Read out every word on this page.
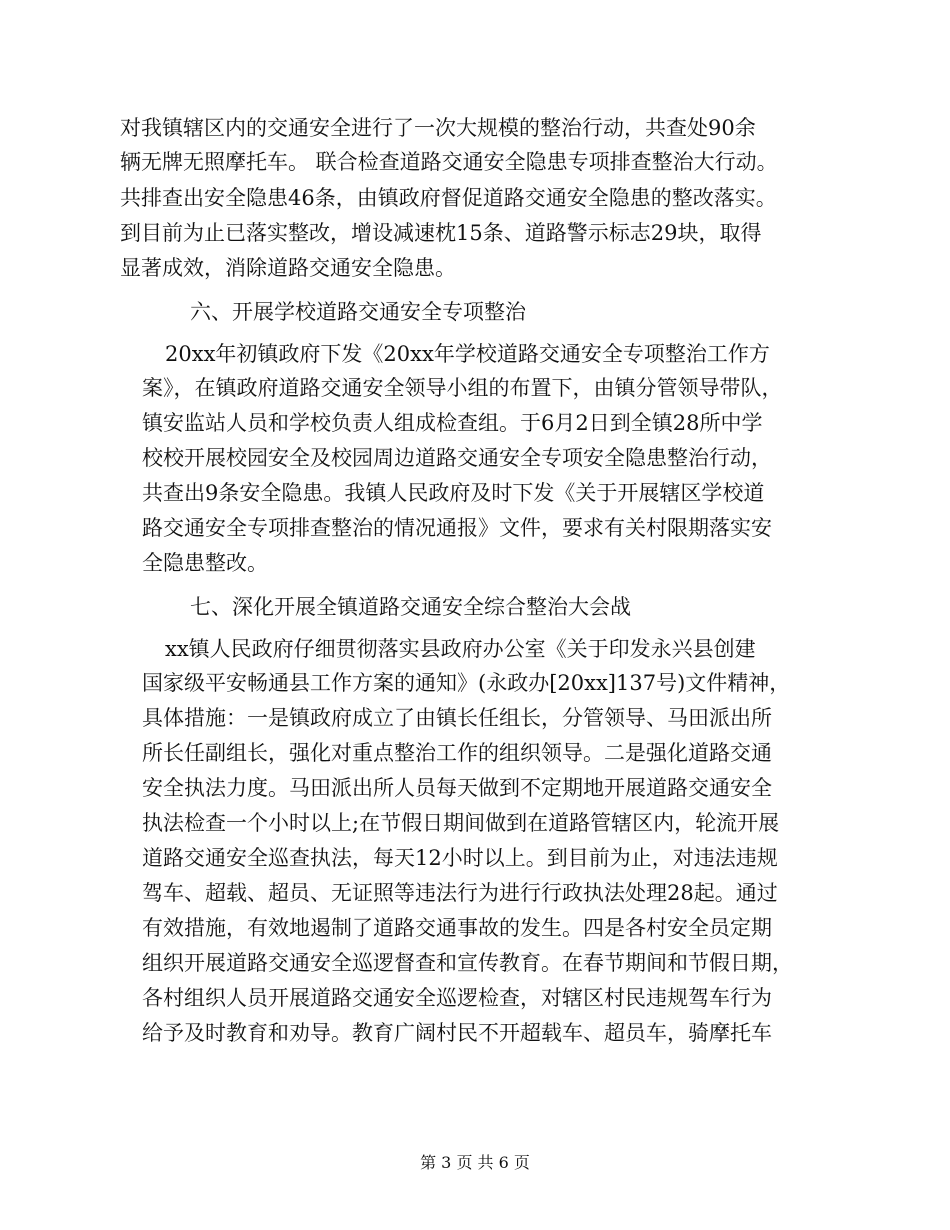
对我镇辖区内的交通安全进行了一次大规模的整治行动，共查处90余
辆无牌无照摩托车。 联合检查道路交通安全隐患专项排查整治大行动。
共排查出安全隐患46条，由镇政府督促道路交通安全隐患的整改落实。
到目前为止已落实整改，增设减速枕15条、道路警示标志29块，取得
显著成效，消除道路交通安全隐患。
六、开展学校道路交通安全专项整治
20xx年初镇政府下发《20xx年学校道路交通安全专项整治工作方
案》，在镇政府道路交通安全领导小组的布置下，由镇分管领导带队，
镇安监站人员和学校负责人组成检查组。于6月2日到全镇28所中学
校校开展校园安全及校园周边道路交通安全专项安全隐患整治行动，
共查出9条安全隐患。我镇人民政府及时下发《关于开展辖区学校道
路交通安全专项排查整治的情况通报》文件，要求有关村限期落实安
全隐患整改。
七、深化开展全镇道路交通安全综合整治大会战
xx镇人民政府仔细贯彻落实县政府办公室《关于印发永兴县创建
国家级平安畅通县工作方案的通知》(永政办[20xx]137号)文件精神，
具体措施：一是镇政府成立了由镇长任组长，分管领导、马田派出所
所长任副组长，强化对重点整治工作的组织领导。二是强化道路交通
安全执法力度。马田派出所人员每天做到不定期地开展道路交通安全
执法检查一个小时以上;在节假日期间做到在道路管辖区内，轮流开展
道路交通安全巡查执法，每天12小时以上。到目前为止，对违法违规
驾车、超载、超员、无证照等违法行为进行行政执法处理28起。通过
有效措施，有效地遏制了道路交通事故的发生。四是各村安全员定期
组织开展道路交通安全巡逻督查和宣传教育。在春节期间和节假日期，
各村组织人员开展道路交通安全巡逻检查，对辖区村民违规驾车行为
给予及时教育和劝导。教育广阔村民不开超载车、超员车，骑摩托车
第 3 页 共 6 页
